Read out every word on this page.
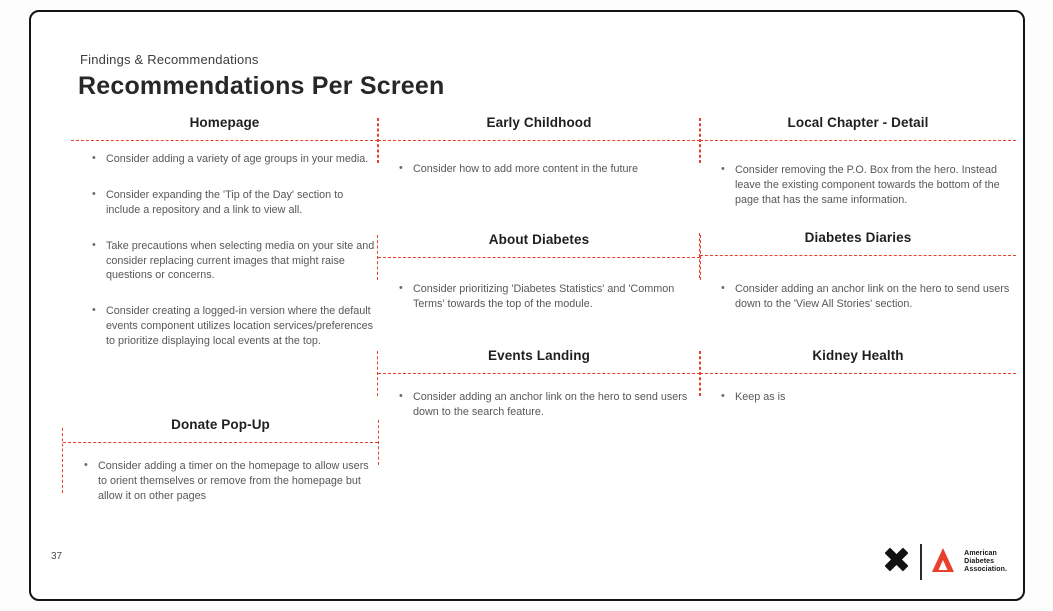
Findings & Recommendations
Recommendations Per Screen
Homepage
• Consider adding a variety of age groups in your media.
• Consider expanding the 'Tip of the Day' section to include a repository and a link to view all.
• Take precautions when selecting media on your site and consider replacing current images that might raise questions or concerns.
• Consider creating a logged-in version where the default events component utilizes location services/preferences to prioritize displaying local events at the top.
Early Childhood
• Consider how to add more content in the future
Local Chapter - Detail
• Consider removing the P.O. Box from the hero. Instead leave the existing component towards the bottom of the page that has the same information.
About Diabetes
• Consider prioritizing 'Diabetes Statistics' and 'Common Terms' towards the top of the module.
Diabetes Diaries
• Consider adding an anchor link on the hero to send users down to the 'View All Stories' section.
Events Landing
• Consider adding an anchor link on the hero to send users down to the search feature.
Kidney Health
• Keep as is
Donate Pop-Up
• Consider adding a timer on the homepage to allow users to orient themselves or remove from the homepage but allow it on other pages
37	American
Diabetes
Association.
